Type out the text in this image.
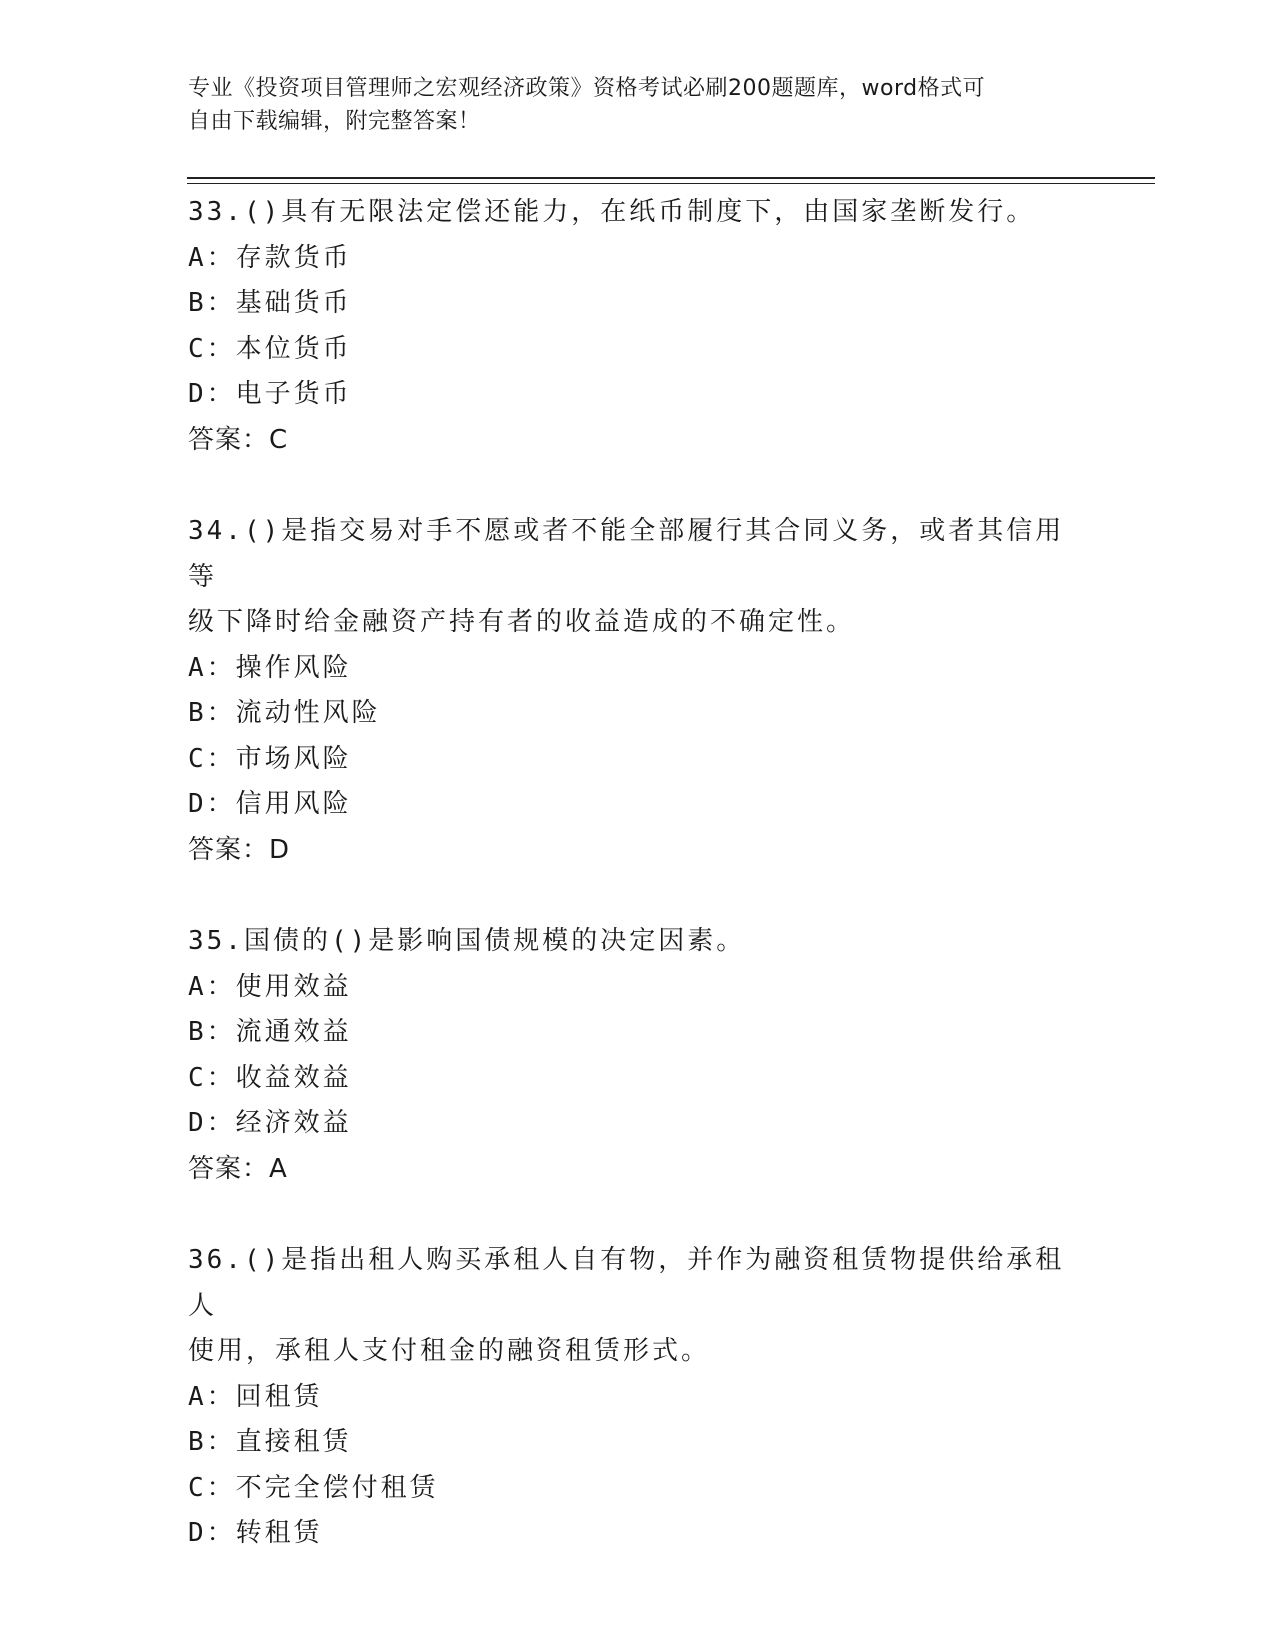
专业《投资项目管理师之宏观经济政策》资格考试必刷200题题库，word格式可
自由下载编辑，附完整答案！
33.()具有无限法定偿还能力，在纸币制度下，由国家垄断发行。
A：存款货币
B：基础货币
C：本位货币
D：电子货币
答案：C
34.()是指交易对手不愿或者不能全部履行其合同义务，或者其信用等
级下降时给金融资产持有者的收益造成的不确定性。
A：操作风险
B：流动性风险
C：市场风险
D：信用风险
答案：D
35.国债的()是影响国债规模的决定因素。
A：使用效益
B：流通效益
C：收益效益
D：经济效益
答案：A
36.()是指出租人购买承租人自有物，并作为融资租赁物提供给承租人
使用，承租人支付租金的融资租赁形式。
A：回租赁
B：直接租赁
C：不完全偿付租赁
D：转租赁
